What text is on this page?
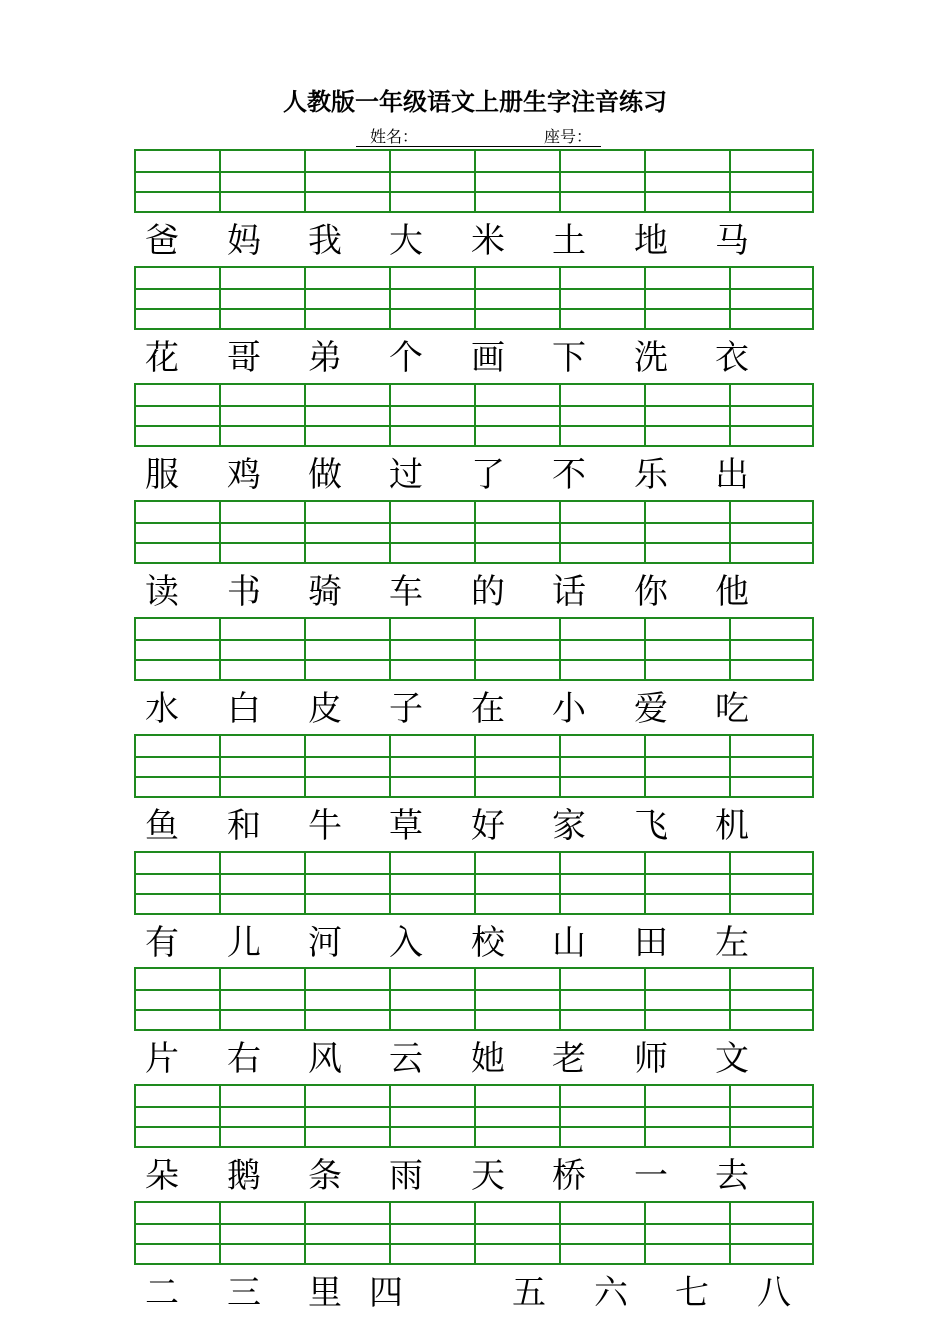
人教版一年级语文上册生字注音练习
姓名：	座号：
爸	妈	我	大	米	土	地	马
花	哥	弟	个	画	下	洗	衣
服	鸡	做	过	了	不	乐	出
读	书	骑	车	的	话	你	他
水	白	皮	子	在	小	爱	吃
鱼	和	牛	草	好	家	飞	机
有	儿	河	入	校	山	田	左
片	右	风	云	她	老	师	文
朵	鹅	条	雨	天	桥	一	去
二	三	里 四	五	六	七	八
